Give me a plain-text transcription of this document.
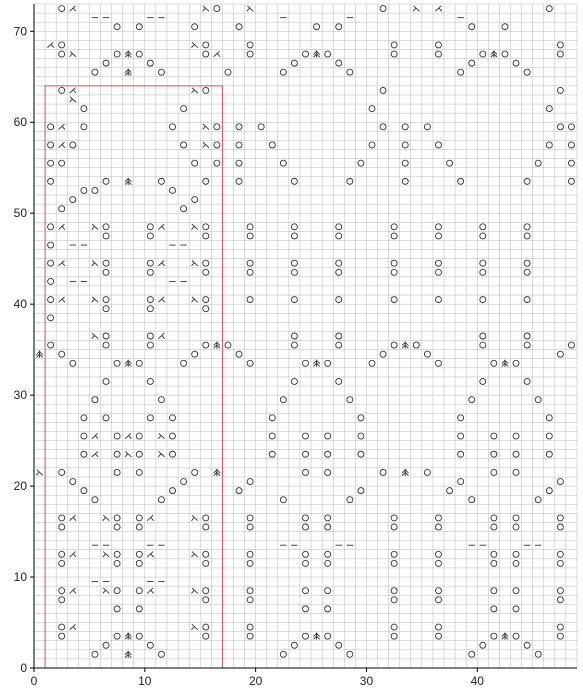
0	10	20	30	40
0
10
20
30
40
50
60
70
